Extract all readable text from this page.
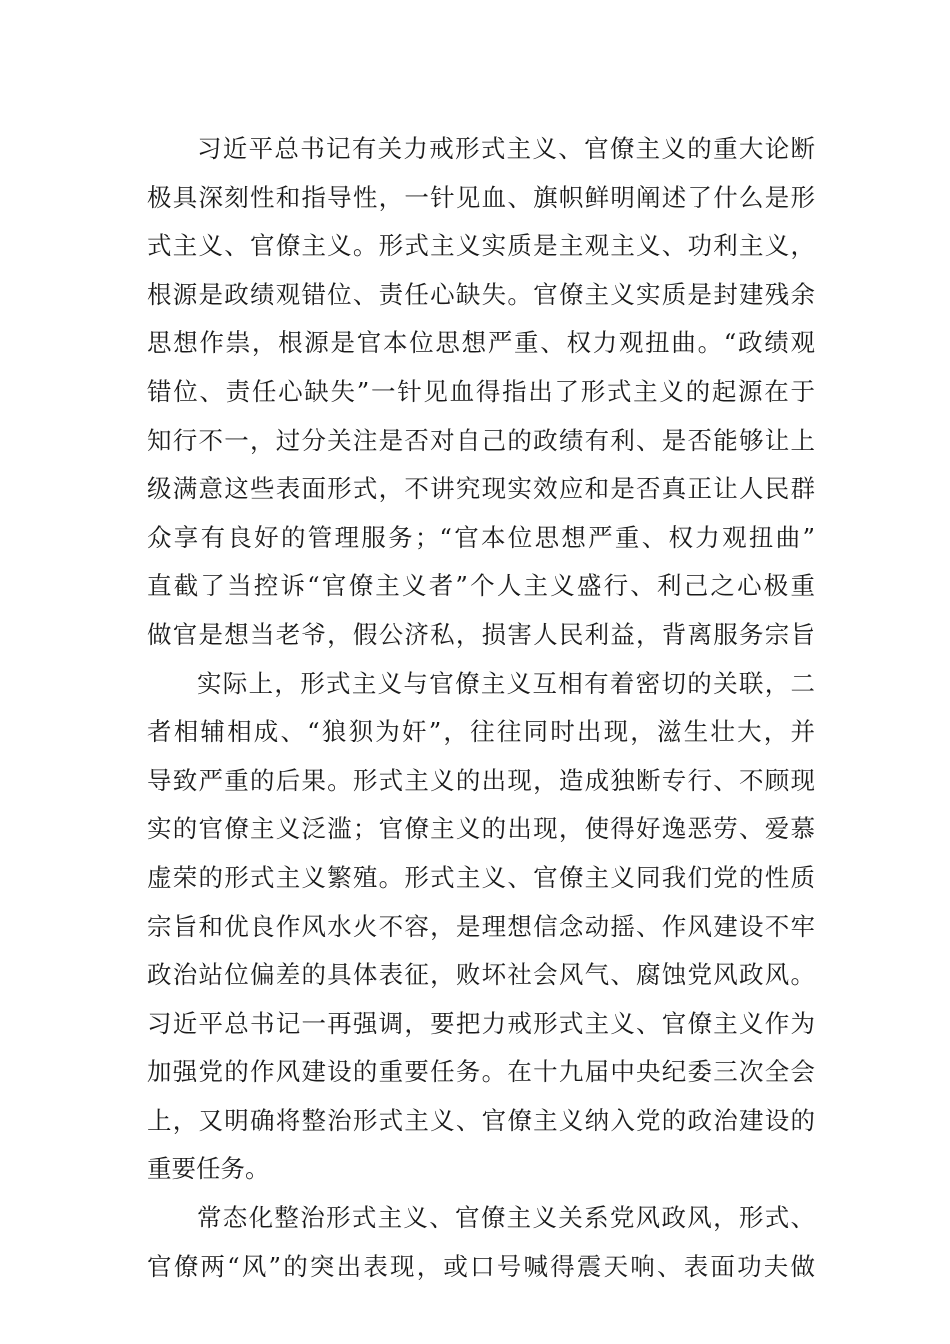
习近平总书记有关力戒形式主义、官僚主义的重大论断
极具深刻性和指导性，一针见血、旗帜鲜明阐述了什么是形
式主义、官僚主义。形式主义实质是主观主义、功利主义，
根源是政绩观错位、责任心缺失。官僚主义实质是封建残余
思想作祟，根源是官本位思想严重、权力观扭曲。“政绩观
错位、责任心缺失”一针见血得指出了形式主义的起源在于
知行不一，过分关注是否对自己的政绩有利、是否能够让上
级满意这些表面形式，不讲究现实效应和是否真正让人民群
众享有良好的管理服务；“官本位思想严重、权力观扭曲”
直截了当控诉“官僚主义者”个人主义盛行、利己之心极重
做官是想当老爷，假公济私，损害人民利益，背离服务宗旨
实际上，形式主义与官僚主义互相有着密切的关联，二
者相辅相成、“狼狈为奸”，往往同时出现，滋生壮大，并
导致严重的后果。形式主义的出现，造成独断专行、不顾现
实的官僚主义泛滥；官僚主义的出现，使得好逸恶劳、爱慕
虚荣的形式主义繁殖。形式主义、官僚主义同我们党的性质
宗旨和优良作风水火不容，是理想信念动摇、作风建设不牢
政治站位偏差的具体表征，败坏社会风气、腐蚀党风政风。
习近平总书记一再强调，要把力戒形式主义、官僚主义作为
加强党的作风建设的重要任务。在十九届中央纪委三次全会
上，又明确将整治形式主义、官僚主义纳入党的政治建设的
重要任务。
常态化整治形式主义、官僚主义关系党风政风，形式、
官僚两“风”的突出表现，或口号喊得震天响、表面功夫做
